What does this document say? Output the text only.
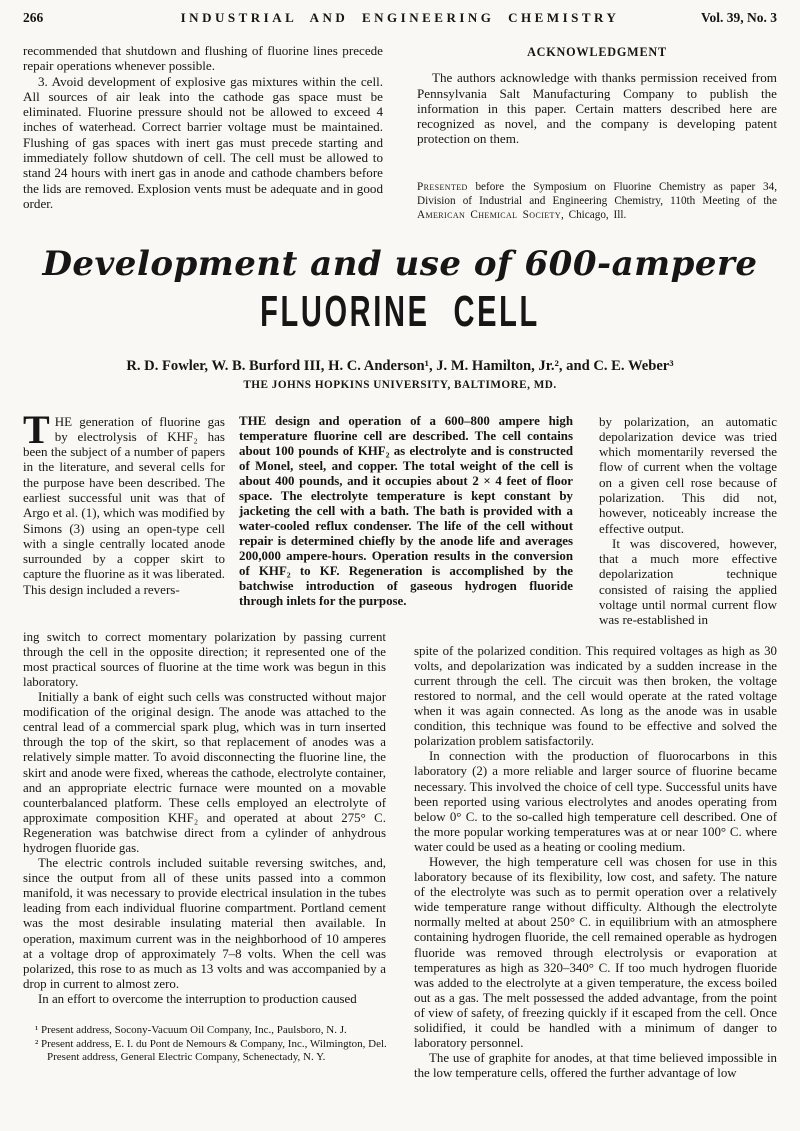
266	INDUSTRIAL AND ENGINEERING CHEMISTRY	Vol. 39, No. 3

recommended that shutdown and flushing of fluorine lines precede repair operations whenever possible.

3. Avoid development of explosive gas mixtures within the cell. All sources of air leak into the cathode gas space must be eliminated. Fluorine pressure should not be allowed to exceed 4 inches of waterhead. Correct barrier voltage must be maintained. Flushing of gas spaces with inert gas must precede starting and immediately follow shutdown of cell. The cell must be allowed to stand 24 hours with inert gas in anode and cathode chambers before the lids are removed. Explosion vents must be adequate and in good order.

ACKNOWLEDGMENT

The authors acknowledge with thanks permission received from Pennsylvania Salt Manufacturing Company to publish the information in this paper. Certain matters described here are recognized as novel, and the company is developing patent protection on them.

Presented before the Symposium on Fluorine Chemistry as paper 34, Division of Industrial and Engineering Chemistry, 110th Meeting of the American Chemical Society, Chicago, Ill.

Development and use of 600-ampere
FLUORINE CELL
R. D. Fowler, W. B. Burford III, H. C. Anderson¹, J. M. Hamilton, Jr.², and C. E. Weber³
THE JOHNS HOPKINS UNIVERSITY, BALTIMORE, MD.

THE generation of fluorine gas by electrolysis of KHF₂ has been the subject of a number of papers in the literature, and several cells for the purpose have been described. The earliest successful unit was that of Argo et al. (1), which was modified by Simons (3) using an open-type cell with a single centrally located anode surrounded by a copper skirt to capture the fluorine as it was liberated. This design included a revers-

THE design and operation of a 600–800 ampere high temperature fluorine cell are described. The cell contains about 100 pounds of KHF₂ as electrolyte and is constructed of Monel, steel, and copper. The total weight of the cell is about 400 pounds, and it occupies about 2 × 4 feet of floor space. The electrolyte temperature is kept constant by jacketing the cell with a bath. The bath is provided with a water-cooled reflux condenser. The life of the cell without repair is determined chiefly by the anode life and averages 200,000 ampere-hours. Operation results in the conversion of KHF₂ to KF. Regeneration is accomplished by the batchwise introduction of gaseous hydrogen fluoride through inlets for the purpose.

by polarization, an automatic depolarization device was tried which momentarily reversed the flow of current when the voltage on a given cell rose because of polarization. This did not, however, noticeably increase the effective output.

It was discovered, however, that a much more effective depolarization technique consisted of raising the applied voltage until normal current flow was re-established in

ing switch to correct momentary polarization by passing current through the cell in the opposite direction; it represented one of the most practical sources of fluorine at the time work was begun in this laboratory.

Initially a bank of eight such cells was constructed without major modification of the original design. The anode was attached to the central lead of a commercial spark plug, which was in turn inserted through the top of the skirt, so that replacement of anodes was a relatively simple matter. To avoid disconnecting the fluorine line, the skirt and anode were fixed, whereas the cathode, electrolyte container, and an appropriate electric furnace were mounted on a movable counterbalanced platform. These cells employed an electrolyte of approximate composition KHF₂ and operated at about 275° C. Regeneration was batchwise direct from a cylinder of anhydrous hydrogen fluoride gas.

The electric controls included suitable reversing switches, and, since the output from all of these units passed into a common manifold, it was necessary to provide electrical insulation in the tubes leading from each individual fluorine compartment. Portland cement was the most desirable insulating material then available. In operation, maximum current was in the neighborhood of 10 amperes at a voltage drop of approximately 7–8 volts. When the cell was polarized, this rose to as much as 13 volts and was accompanied by a drop in current to almost zero.

In an effort to overcome the interruption to production caused

spite of the polarized condition. This required voltages as high as 30 volts, and depolarization was indicated by a sudden increase in the current through the cell. The circuit was then broken, the voltage restored to normal, and the cell would operate at the rated voltage when it was again connected. As long as the anode was in usable condition, this technique was found to be effective and solved the polarization problem satisfactorily.

In connection with the production of fluorocarbons in this laboratory (2) a more reliable and larger source of fluorine became necessary. This involved the choice of cell type. Successful units have been reported using various electrolytes and anodes operating from below 0° C. to the so-called high temperature cell described. One of the more popular working temperatures was at or near 100° C. where water could be used as a heating or cooling medium.

However, the high temperature cell was chosen for use in this laboratory because of its flexibility, low cost, and safety. The nature of the electrolyte was such as to permit operation over a relatively wide temperature range without difficulty. Although the electrolyte normally melted at about 250° C. in equilibrium with an atmosphere containing hydrogen fluoride, the cell remained operable as hydrogen fluoride was removed through electrolysis or evaporation at temperatures as high as 320–340° C. If too much hydrogen fluoride was added to the electrolyte at a given temperature, the excess boiled out as a gas. The melt possessed the added advantage, from the point of view of safety, of freezing quickly if it escaped from the cell. Once solidified, it could be handled with a minimum of danger to laboratory personnel.

The use of graphite for anodes, at that time believed impossible in the low temperature cells, offered the further advantage of low

¹ Present address, Socony-Vacuum Oil Company, Inc., Paulsboro, N. J.

² Present address, E. I. du Pont de Nemours & Company, Inc., Wilmington, Del.

Present address, General Electric Company, Schenectady, N. Y.
